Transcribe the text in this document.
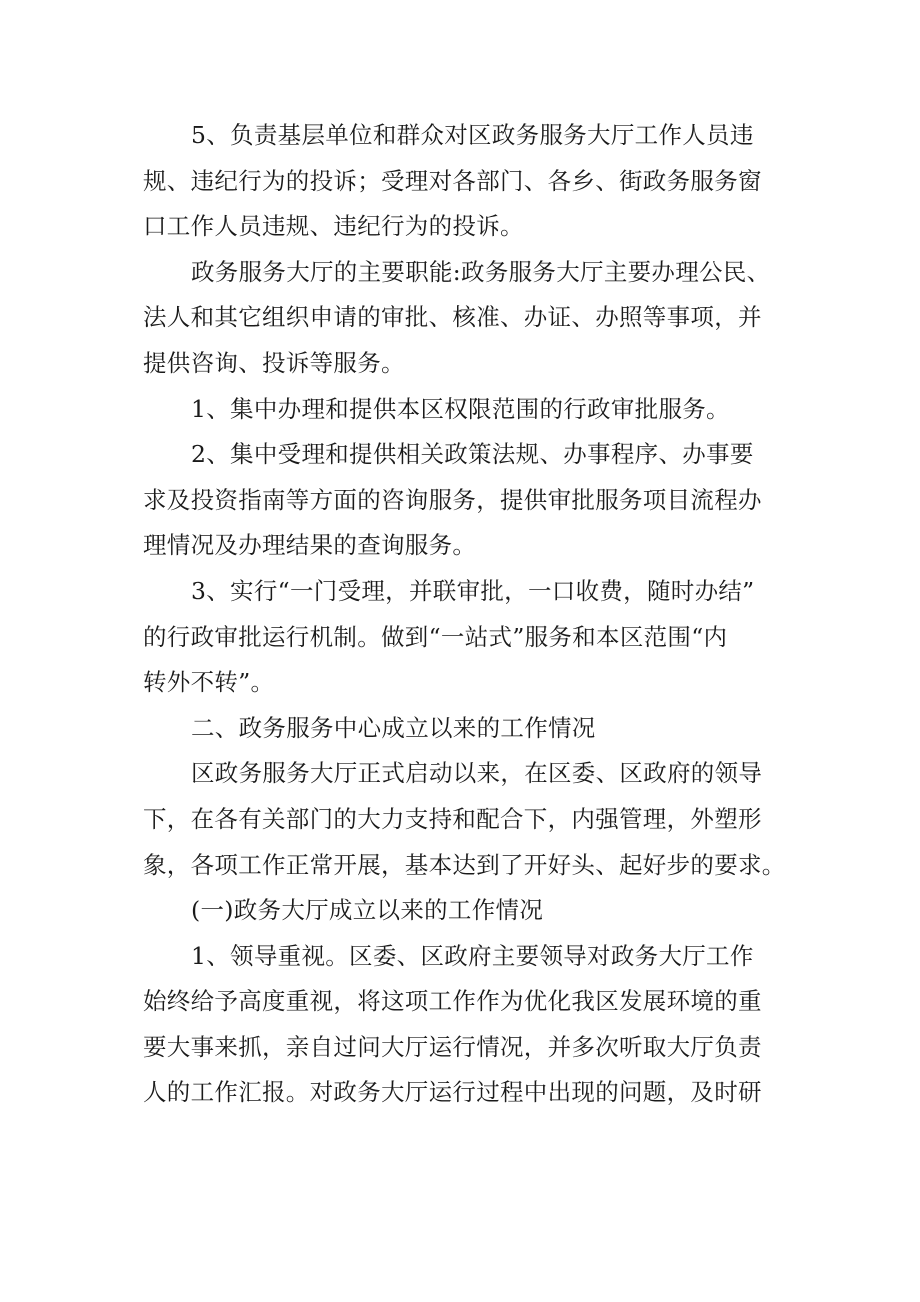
5、负责基层单位和群众对区政务服务大厅工作人员违
规、违纪行为的投诉；受理对各部门、各乡、街政务服务窗
口工作人员违规、违纪行为的投诉。
政务服务大厅的主要职能:政务服务大厅主要办理公民、
法人和其它组织申请的审批、核准、办证、办照等事项，并
提供咨询、投诉等服务。
1、集中办理和提供本区权限范围的行政审批服务。
2、集中受理和提供相关政策法规、办事程序、办事要
求及投资指南等方面的咨询服务，提供审批服务项目流程办
理情况及办理结果的查询服务。
3、实行“一门受理，并联审批，一口收费，随时办结”
的行政审批运行机制。做到“一站式”服务和本区范围“内
转外不转”。
二、政务服务中心成立以来的工作情况
区政务服务大厅正式启动以来，在区委、区政府的领导
下，在各有关部门的大力支持和配合下，内强管理，外塑形
象，各项工作正常开展，基本达到了开好头、起好步的要求。
(一)政务大厅成立以来的工作情况
1、领导重视。区委、区政府主要领导对政务大厅工作
始终给予高度重视，将这项工作作为优化我区发展环境的重
要大事来抓，亲自过问大厅运行情况，并多次听取大厅负责
人的工作汇报。对政务大厅运行过程中出现的问题，及时研
